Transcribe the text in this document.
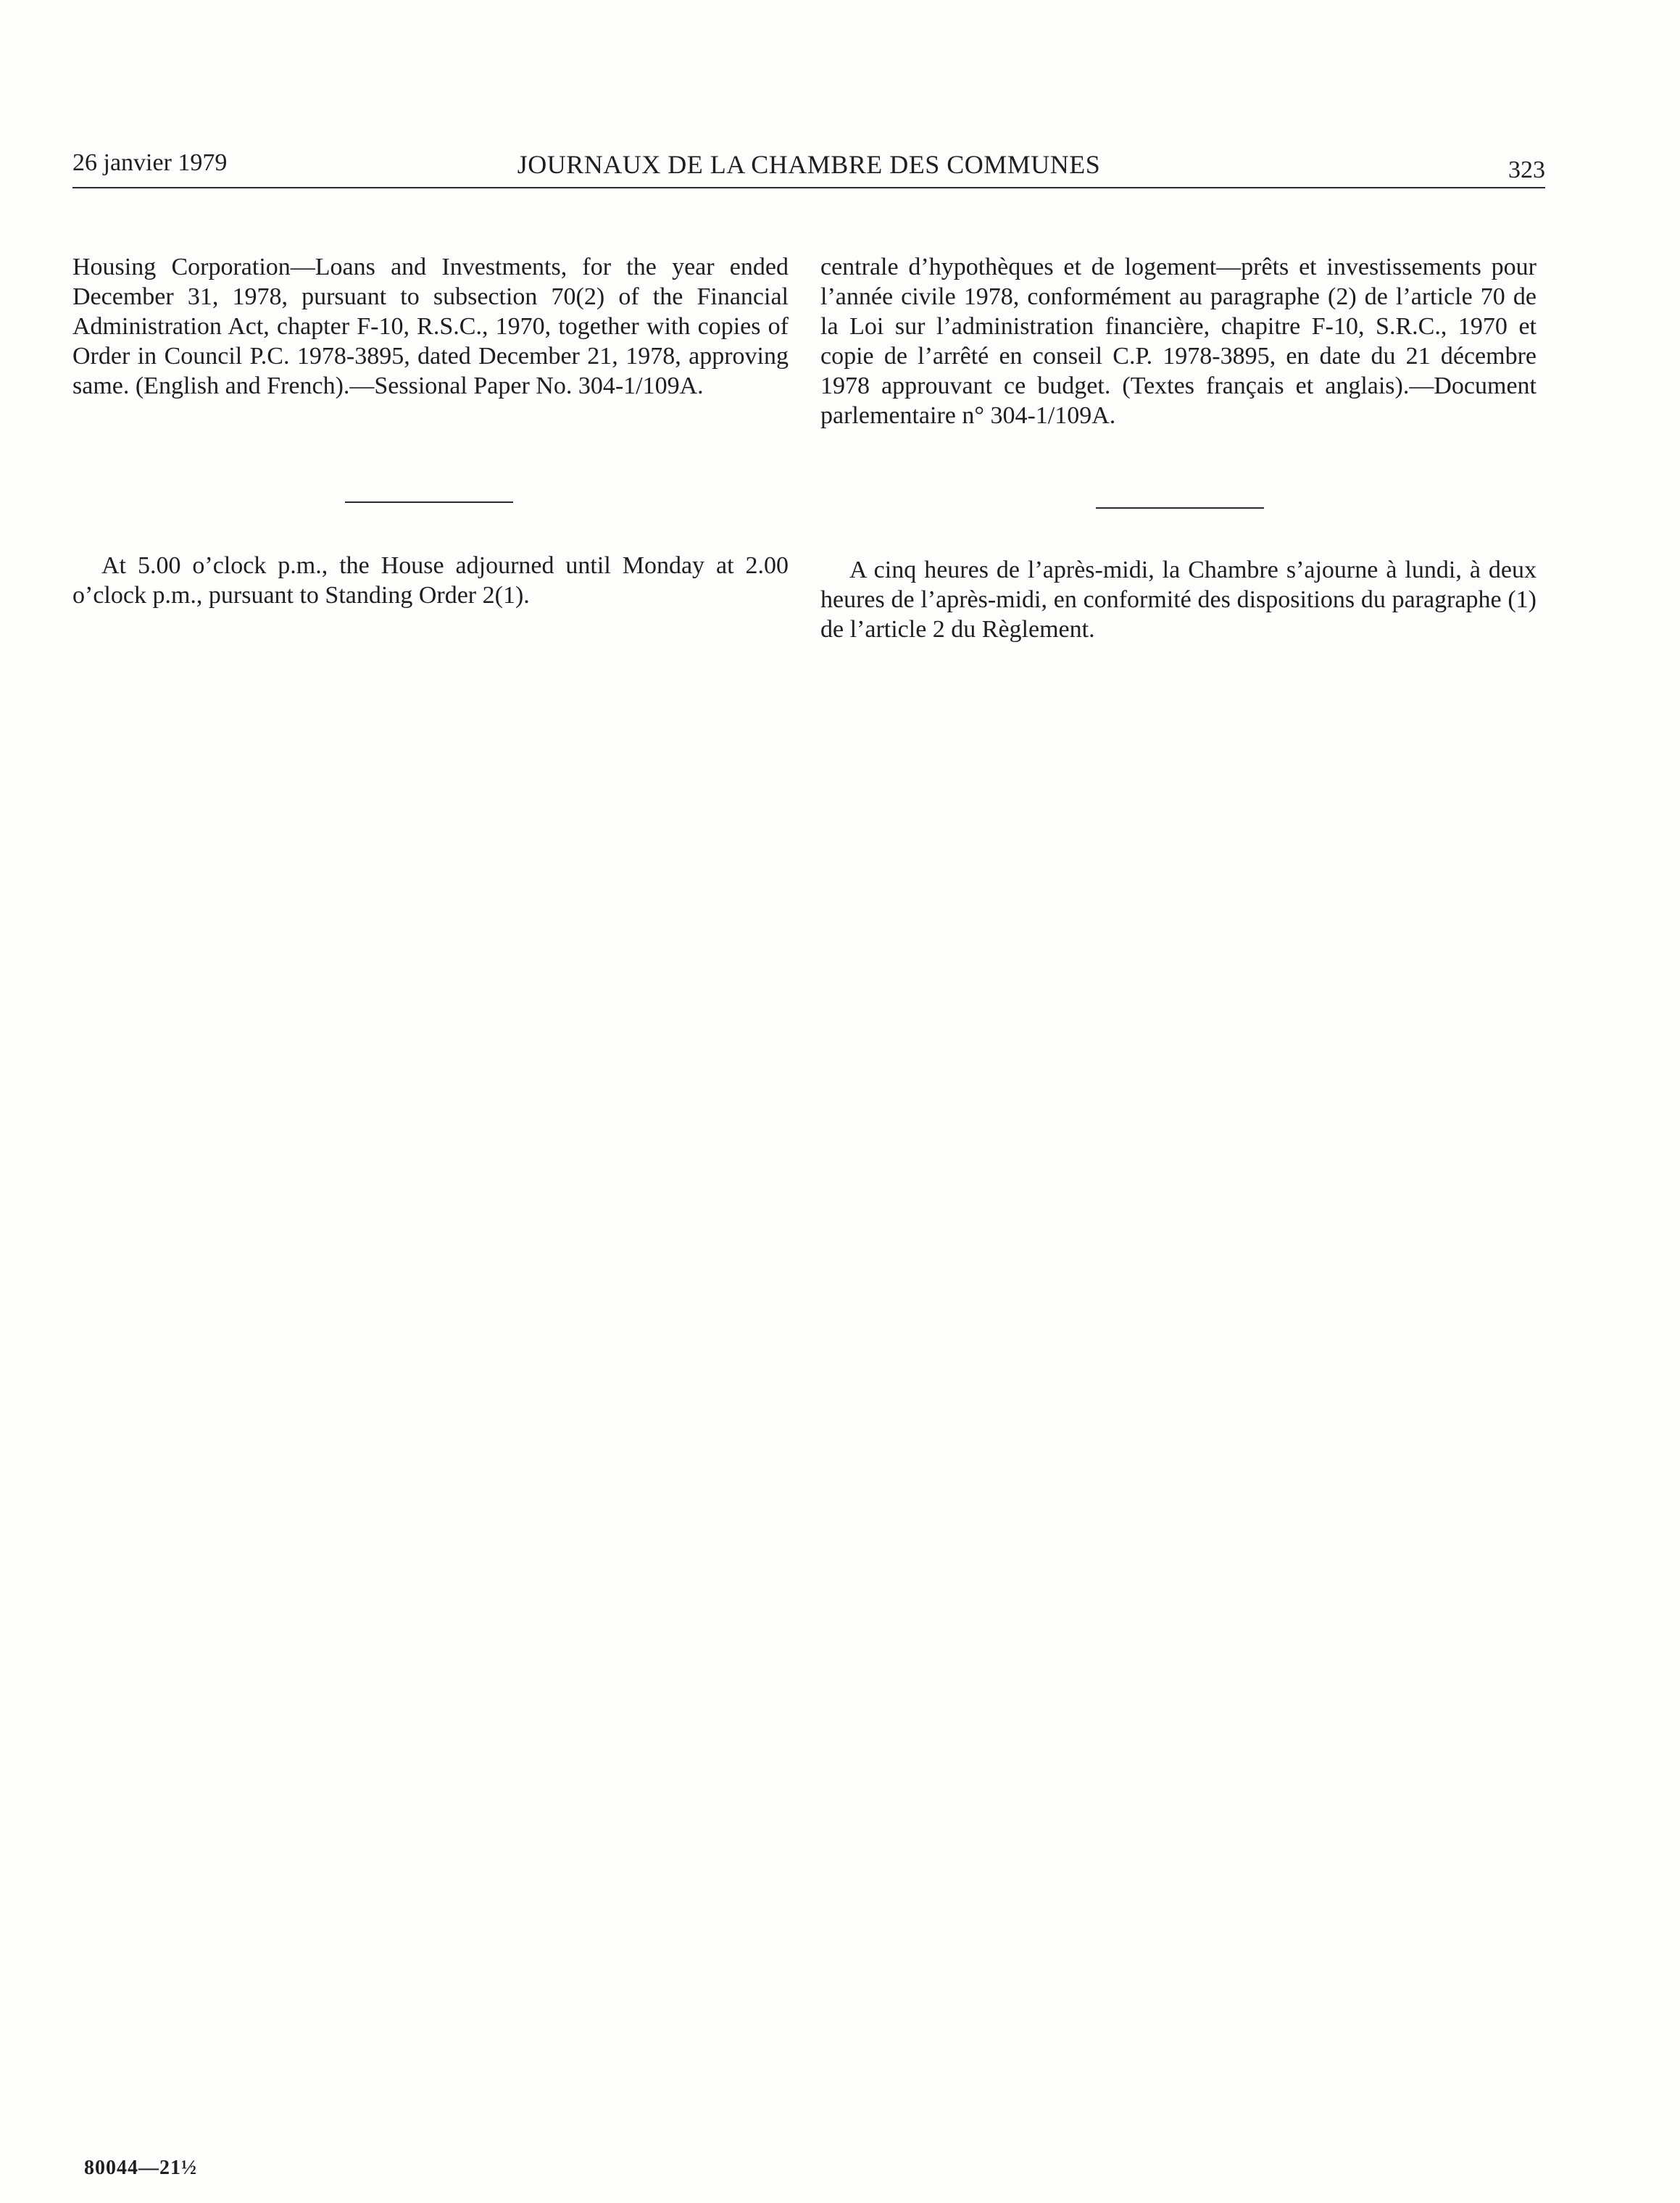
26 janvier 1979	JOURNAUX DE LA CHAMBRE DES COMMUNES	323

Housing Corporation—Loans and Investments, for the year ended December 31, 1978, pursuant to subsection 70(2) of the Financial Administration Act, chapter F-10, R.S.C., 1970, together with copies of Order in Council P.C. 1978-3895, dated December 21, 1978, approving same. (English and French).—Sessional Paper No. 304-1/109A.

centrale d’hypothèques et de logement—prêts et investissements pour l’année civile 1978, conformément au paragraphe (2) de l’article 70 de la Loi sur l’administration financière, chapitre F-10, S.R.C., 1970 et copie de l’arrêté en conseil C.P. 1978-3895, en date du 21 décembre 1978 approuvant ce budget. (Textes français et anglais).—Document parlementaire n° 304-1/109A.

At 5.00 o’clock p.m., the House adjourned until Monday at 2.00 o’clock p.m., pursuant to Standing Order 2(1).

A cinq heures de l’après-midi, la Chambre s’ajourne à lundi, à deux heures de l’après-midi, en conformité des dispositions du paragraphe (1) de l’article 2 du Règlement.

80044—21½
